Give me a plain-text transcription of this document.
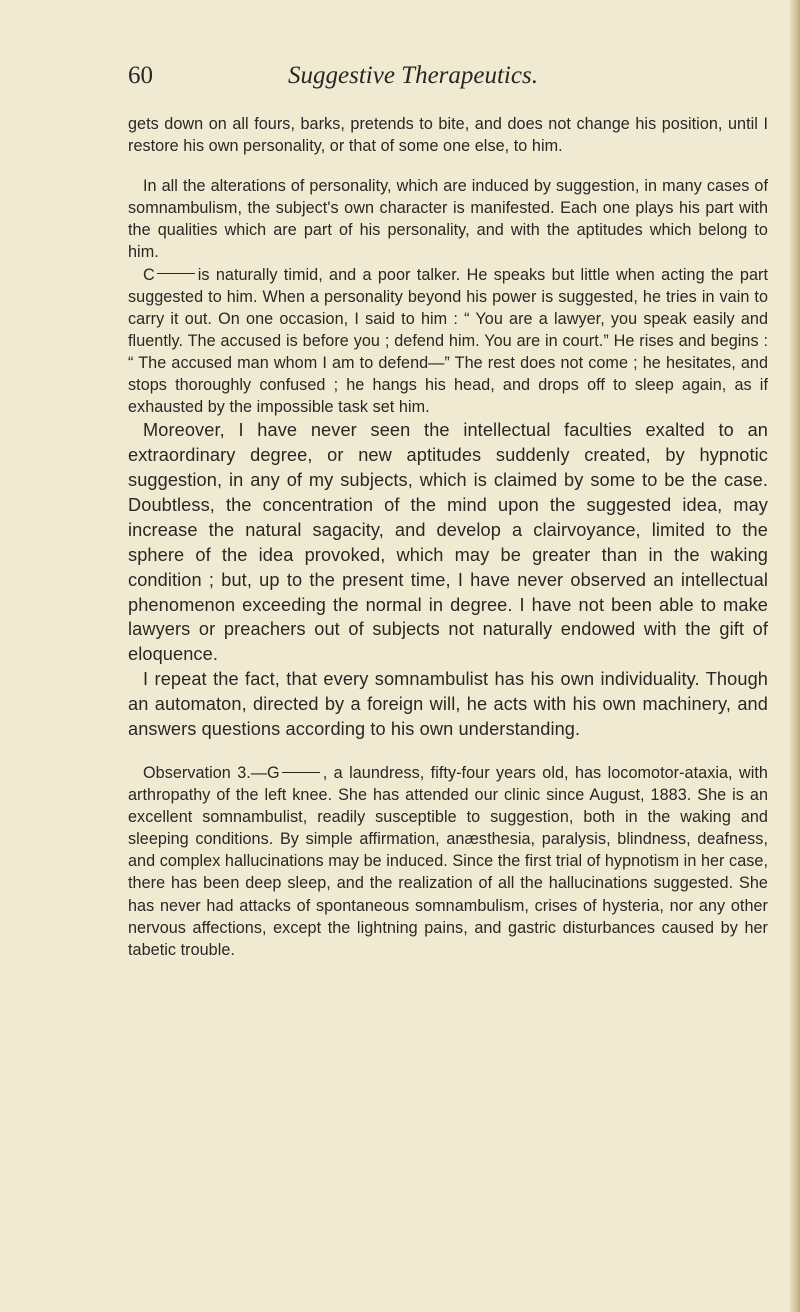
60	Suggestive Therapeutics.

gets down on all fours, barks, pretends to bite, and does not change his position, until I restore his own personality, or that of some one else, to him.

In all the alterations of personality, which are induced by suggestion, in many cases of somnambulism, the subject's own character is manifested. Each one plays his part with the qualities which are part of his personality, and with the aptitudes which belong to him.

C	is naturally timid, and a poor talker. He speaks but little when acting the part suggested to him. When a personality beyond his power is suggested, he tries in vain to carry it out. On one occasion, I said to him : “ You are a lawyer, you speak easily and fluently. The accused is before you ; defend him. You are in court.” He rises and begins : “ The accused man whom I am to defend—” The rest does not come ; he hesitates, and stops thoroughly confused ; he hangs his head, and drops off to sleep again, as if exhausted by the impossible task set him.

Moreover, I have never seen the intellectual faculties exalted to an extraordinary degree, or new aptitudes suddenly created, by hypnotic suggestion, in any of my subjects, which is claimed by some to be the case. Doubtless, the concentration of the mind upon the suggested idea, may increase the natural sagacity, and develop a clairvoyance, limited to the sphere of the idea provoked, which may be greater than in the waking condition ; but, up to the present time, I have never observed an intellectual phenomenon exceeding the normal in degree. I have not been able to make lawyers or preachers out of subjects not naturally endowed with the gift of eloquence.

I repeat the fact, that every somnambulist has his own individuality. Though an automaton, directed by a foreign will, he acts with his own machinery, and answers questions according to his own understanding.

Observation 3.—G	, a laundress, fifty-four years old, has locomotor-ataxia, with arthropathy of the left knee. She has attended our clinic since August, 1883. She is an excellent somnambulist, readily susceptible to suggestion, both in the waking and sleeping conditions. By simple affirmation, anæsthesia, paralysis, blindness, deafness, and complex hallucinations may be induced. Since the first trial of hypnotism in her case, there has been deep sleep, and the realization of all the hallucinations suggested. She has never had attacks of spontaneous somnambulism, crises of hysteria, nor any other nervous affections, except the lightning pains, and gastric disturbances caused by her tabetic trouble.
